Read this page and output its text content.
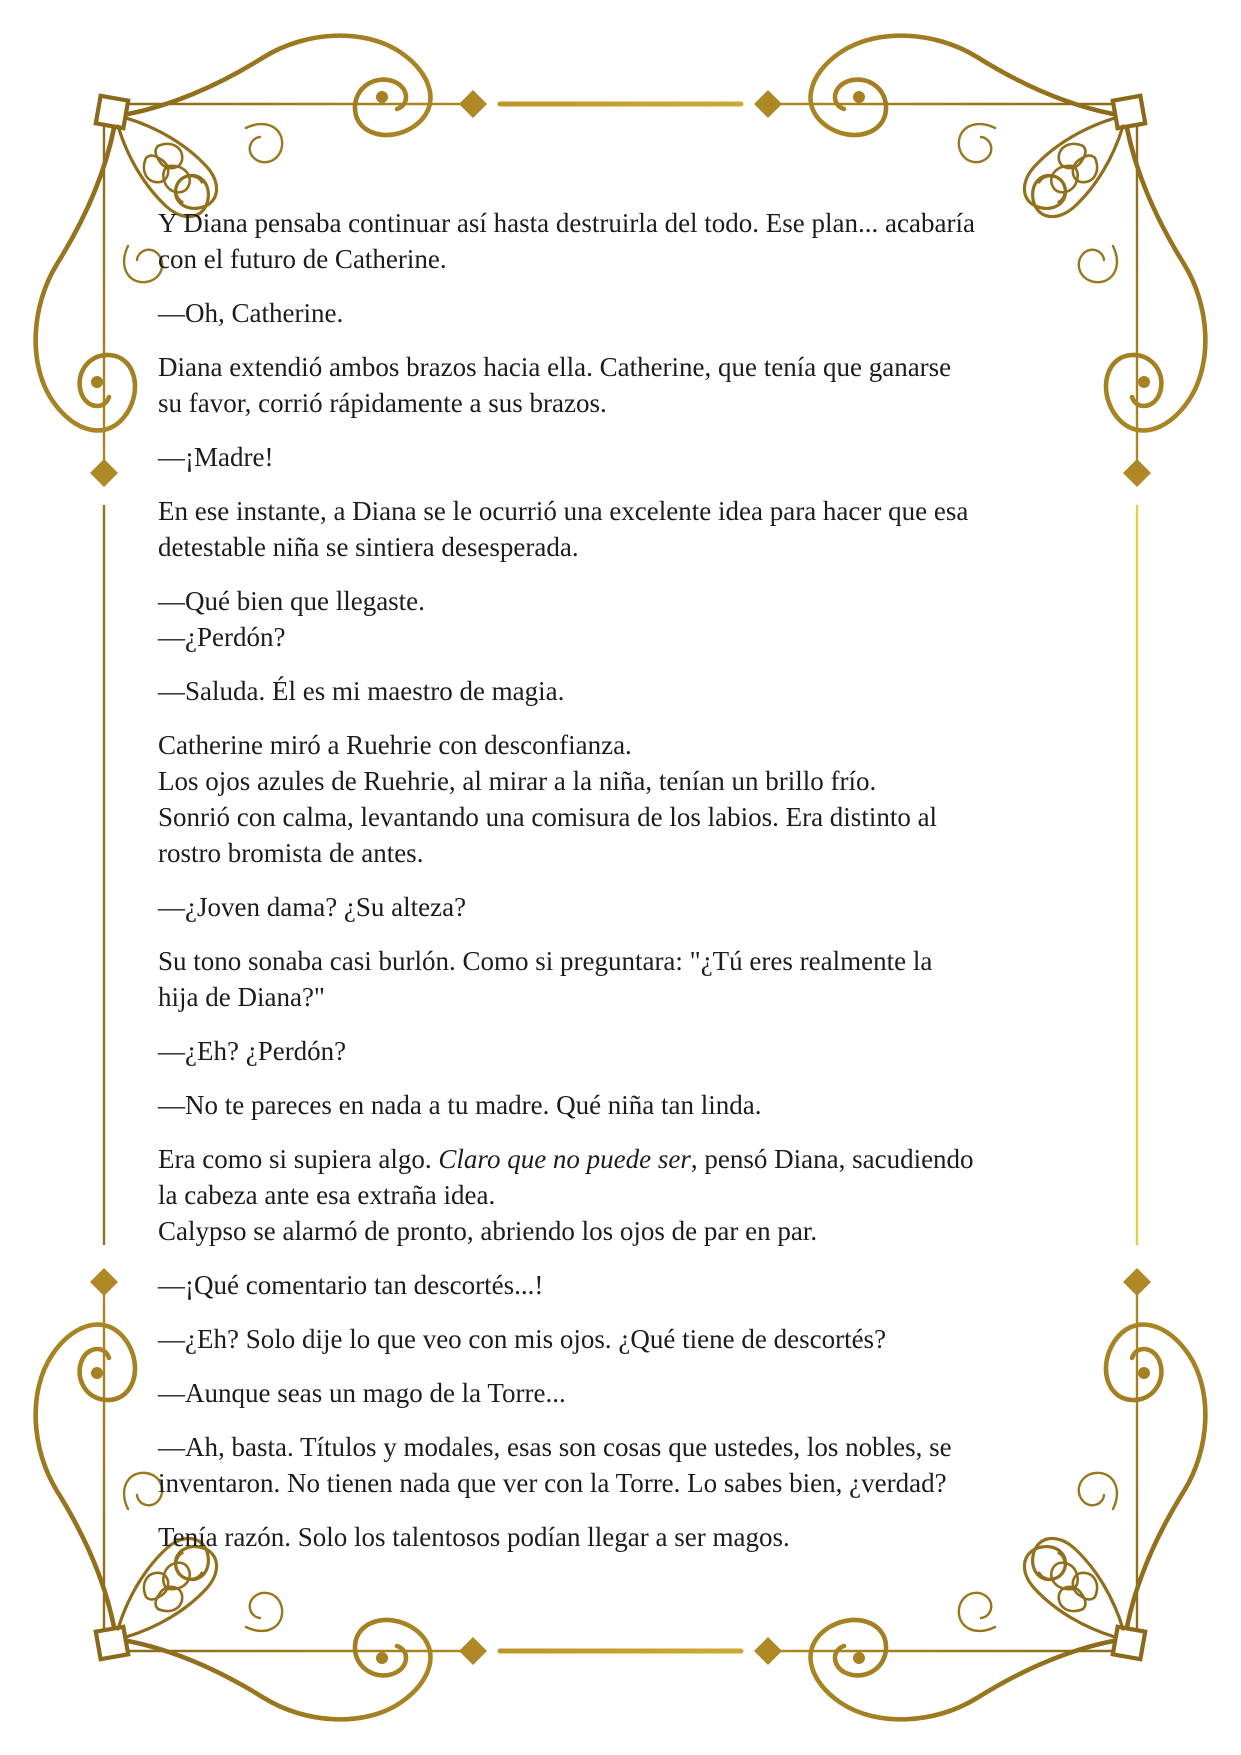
Y Diana pensaba continuar así hasta destruirla del todo. Ese plan... acabaría
con el futuro de Catherine.
—Oh, Catherine.
Diana extendió ambos brazos hacia ella. Catherine, que tenía que ganarse
su favor, corrió rápidamente a sus brazos.
—¡Madre!
En ese instante, a Diana se le ocurrió una excelente idea para hacer que esa
detestable niña se sintiera desesperada.
—Qué bien que llegaste.
—¿Perdón?
—Saluda. Él es mi maestro de magia.
Catherine miró a Ruehrie con desconfianza.
Los ojos azules de Ruehrie, al mirar a la niña, tenían un brillo frío.
Sonrió con calma, levantando una comisura de los labios. Era distinto al
rostro bromista de antes.
—¿Joven dama? ¿Su alteza?
Su tono sonaba casi burlón. Como si preguntara: "¿Tú eres realmente la
hija de Diana?"
—¿Eh? ¿Perdón?
—No te pareces en nada a tu madre. Qué niña tan linda.
Era como si supiera algo. Claro que no puede ser, pensó Diana, sacudiendo
la cabeza ante esa extraña idea.
Calypso se alarmó de pronto, abriendo los ojos de par en par.
—¡Qué comentario tan descortés...!
—¿Eh? Solo dije lo que veo con mis ojos. ¿Qué tiene de descortés?
—Aunque seas un mago de la Torre...
—Ah, basta. Títulos y modales, esas son cosas que ustedes, los nobles, se
inventaron. No tienen nada que ver con la Torre. Lo sabes bien, ¿verdad?
Tenía razón. Solo los talentosos podían llegar a ser magos.
